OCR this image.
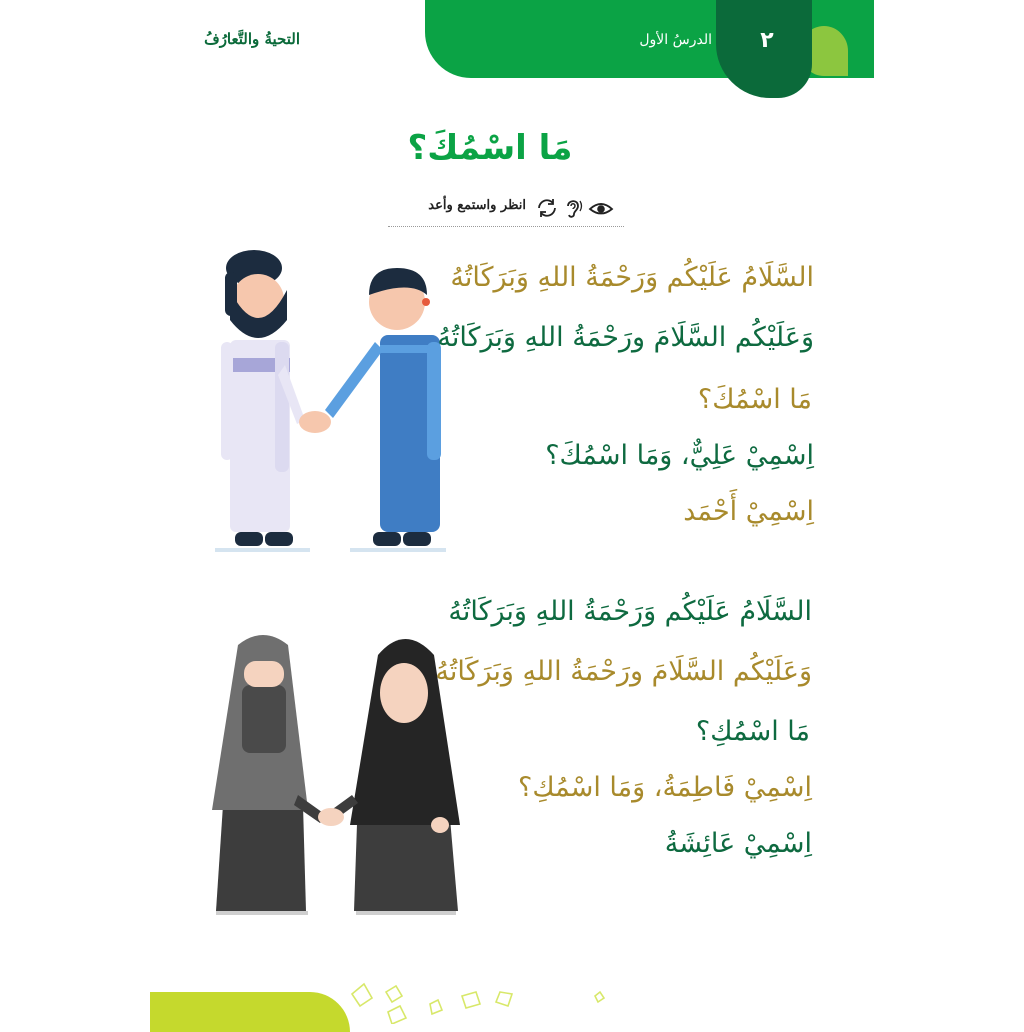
٢
الدرسُ الأول
التحيةُ والتَّعارُفُ
مَا اسْمُكَ؟
انظر واستمع وأعد
السَّلَامُ عَلَيْكُم وَرَحْمَةُ اللهِ وَبَرَكَاتُهُ
وَعَلَيْكُم السَّلَامَ ورَحْمَةُ اللهِ وَبَرَكَاتُهُ
مَا اسْمُكَ؟
اِسْمِيْ عَلِيٌّ، وَمَا اسْمُكَ؟
اِسْمِيْ أَحْمَد
السَّلَامُ عَلَيْكُم وَرَحْمَةُ اللهِ وَبَرَكَاتُهُ
وَعَلَيْكُم السَّلَامَ ورَحْمَةُ اللهِ وَبَرَكَاتُهُ
مَا اسْمُكِ؟
اِسْمِيْ فَاطِمَةُ، وَمَا اسْمُكِ؟
اِسْمِيْ عَائِشَةُ
